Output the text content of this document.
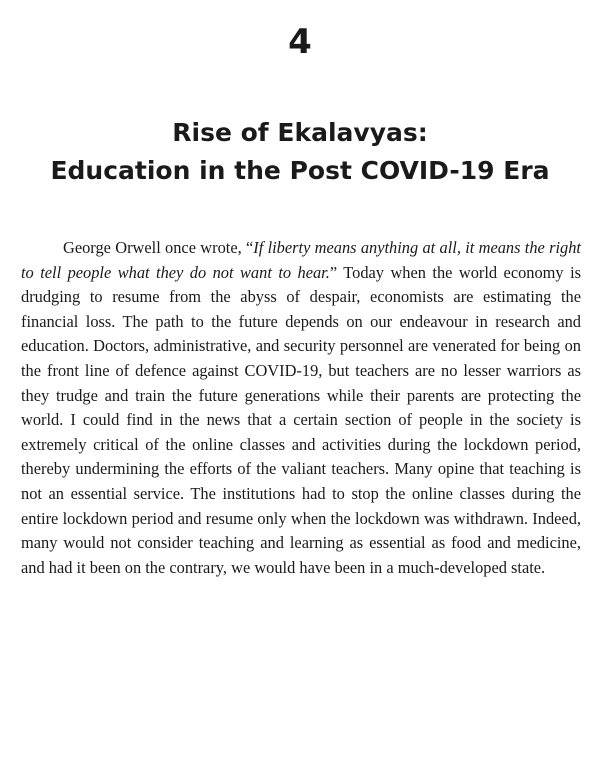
4
Rise of Ekalavyas:
Education in the Post COVID-19 Era

George Orwell once wrote, “If liberty means anything at all, it means the right to tell people what they do not want to hear.” Today when the world economy is drudging to resume from the abyss of despair, economists are estimating the financial loss. The path to the future depends on our endeavour in research and education. Doctors, administrative, and security personnel are venerated for being on the front line of defence against COVID-19, but teachers are no lesser warriors as they trudge and train the future generations while their parents are protecting the world. I could find in the news that a certain section of people in the society is extremely critical of the online classes and activities during the lockdown period, thereby undermining the efforts of the valiant teachers. Many opine that teaching is not an essential service. The institutions had to stop the online classes during the entire lockdown period and resume only when the lockdown was withdrawn. Indeed, many would not consider teaching and learning as essential as food and medicine, and had it been on the contrary, we would have been in a much-developed state.
